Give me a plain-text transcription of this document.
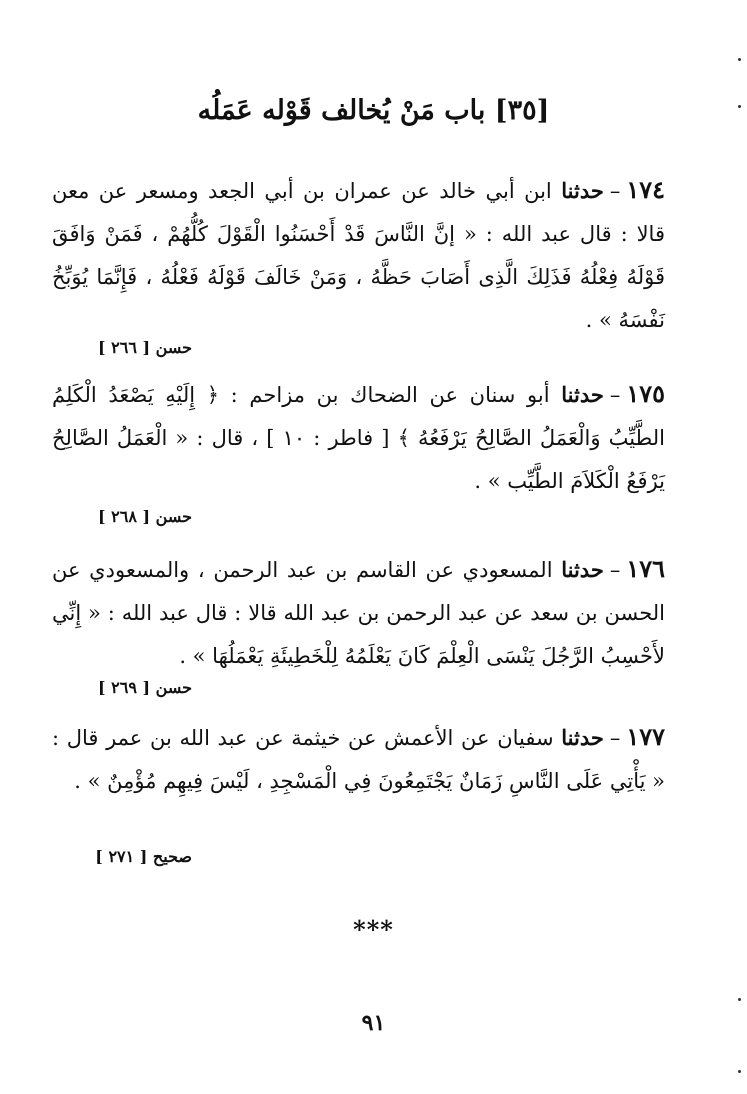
[٣٥] باب مَنْ يُخالف قَوْله عَمَلُه

١٧٤–حدثنا ابن أبي خالد عن عمران بن أبي الجعد ومسعر عن معن قالا : قال عبد الله : « إنَّ النَّاسَ قَدْ أَحْسَنُوا الْقَوْلَ كُلُّهُمْ ، فَمَنْ وَافَقَ قَوْلَهُ فِعْلُهُ فَذَلِكَ الَّذِى أَصَابَ حَظَّهُ ، وَمَنْ خَالَفَ قَوْلَهُ فَعْلُهُ ، فَإِنَّمَا يُوَبِّخُ نَفْسَهُ » .

حسن [ ٢٦٦ ]

١٧٥–حدثنا أبو سنان عن الضحاك بن مزاحم : ﴿ إِلَيْهِ يَصْعَدُ الْكَلِمُ الطَّيِّبُ وَالْعَمَلُ الصَّالِحُ يَرْفَعُهُ ﴾ [ فاطر : ١٠ ] ، قال : « الْعَمَلُ الصَّالِحُ يَرْفَعُ الْكَلاَمَ الطَّيِّب » .

حسن [ ٢٦٨ ]

١٧٦–حدثنا المسعودي عن القاسم بن عبد الرحمن ، والمسعودي عن الحسن بن سعد عن عبد الرحمن بن عبد الله قالا : قال عبد الله : « إِنِّي لأَحْسِبُ الرَّجُلَ يَنْسَى الْعِلْمَ كَانَ يَعْلَمُهُ لِلْخَطِيئَةِ يَعْمَلُهَا » .

حسن [ ٢٦٩ ]

١٧٧–حدثنا سفيان عن الأعمش عن خيثمة عن عبد الله بن عمر قال : « يَأْتِي عَلَى النَّاسِ زَمَانٌ يَجْتَمِعُونَ فِي الْمَسْجِدِ ، لَيْسَ فِيهِم مُؤْمِنٌ » .

صحيح [ ٢٧١ ]

***

٩١
